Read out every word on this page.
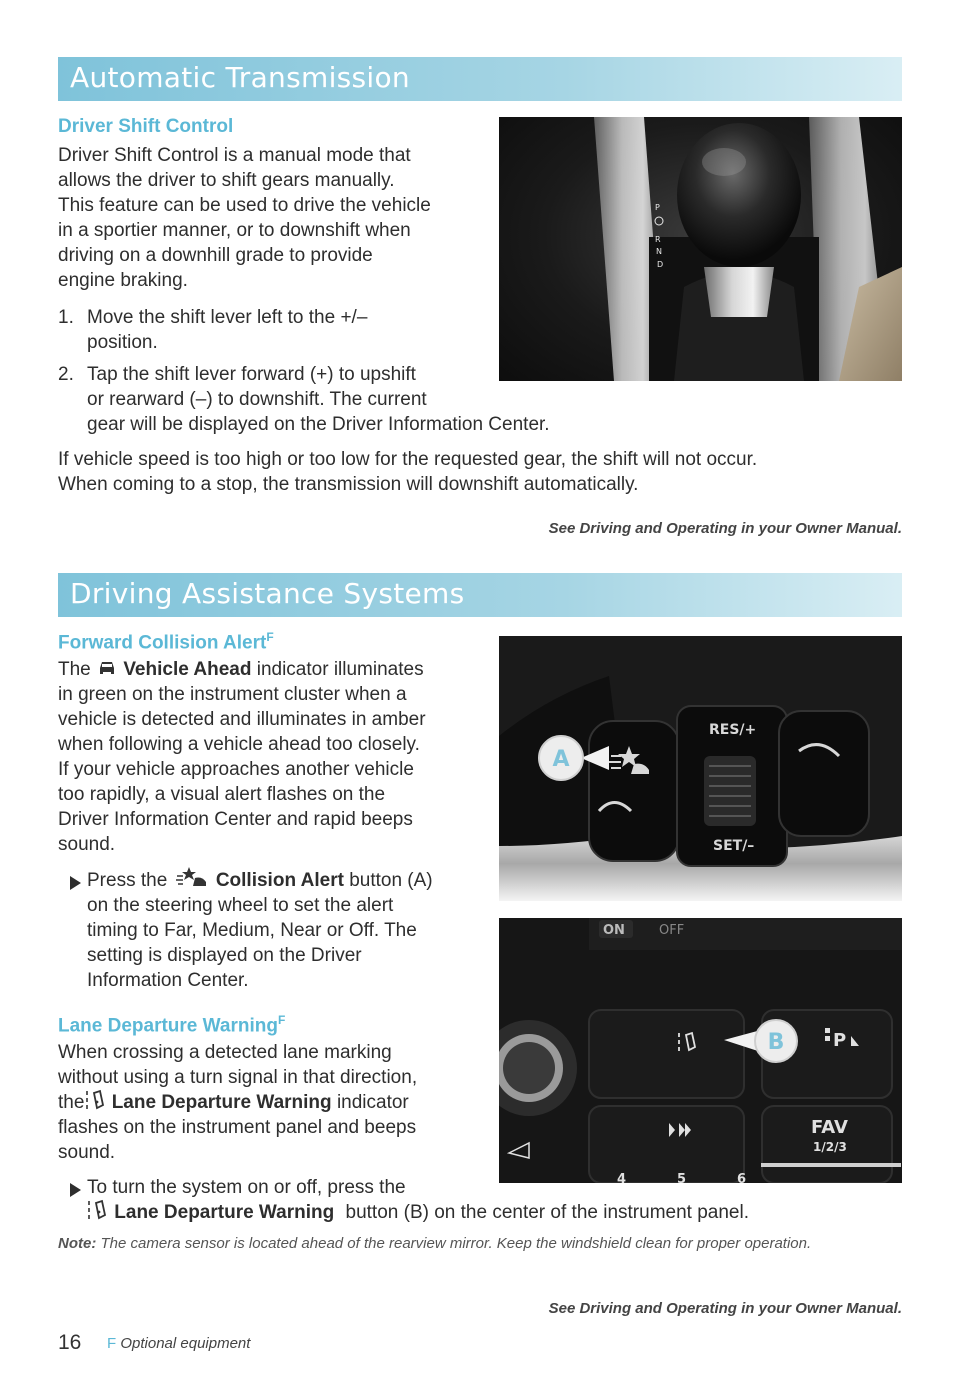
Automatic Transmission
Driver Shift Control
Driver Shift Control is a manual mode that
allows the driver to shift gears manually.
This feature can be used to drive the vehicle
in a sportier manner, or to downshift when
driving on a downhill grade to provide
engine braking.
1. Move the shift lever left to the +/–
position.
2. Tap the shift lever forward (+) to upshift
or rearward (–) to downshift. The current
gear will be displayed on the Driver Information Center.
If vehicle speed is too high or too low for the requested gear, the shift will not occur.
When coming to a stop, the transmission will downshift automatically.
See Driving and Operating in your Owner Manual.
P
R
N
D
Driving Assistance Systems
Forward Collision Alert$^F$
The Vehicle Ahead indicator illuminates
in green on the instrument cluster when a
vehicle is detected and illuminates in amber
when following a vehicle ahead too closely.
If your vehicle approaches another vehicle
too rapidly, a visual alert flashes on the
Driver Information Center and rapid beeps
sound.
Press the	Collision Alert button (A)
on the steering wheel to set the alert
timing to Far, Medium, Near or Off. The
setting is displayed on the Driver
Information Center.
Lane Departure Warning$^F$
When crossing a detected lane marking
without using a turn signal in that direction,
the Lane Departure Warning indicator
flashes on the instrument panel and beeps
sound.
To turn the system on or off, press the
Lane Departure Warning button (B) on the center of the instrument panel.
Note: The camera sensor is located ahead of the rearview mirror. Keep the windshield clean for proper operation.
See Driving and Operating in your Owner Manual.
RES/+
SET/–
A
ON	OFF
P
FAV
1/2/3
4	5	6
B
16 F Optional equipment
